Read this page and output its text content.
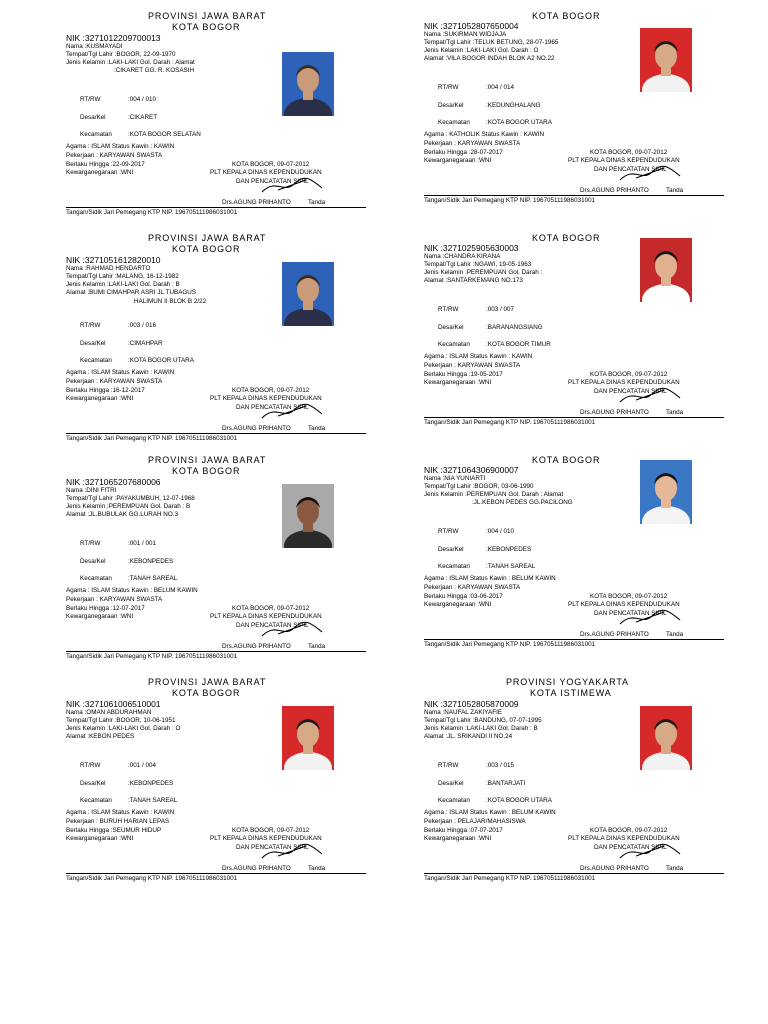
PROVINSI JAWA BARAT
KOTA BOGOR
NIK :3271012209700013
Nama :KUSMAYADI
Tempat/Tgl Lahir :BOGOR, 22-09-1970
Jenis Kelamin :LAKI-LAKI Gol. Darah : Alamat
:CIKARET GG. R. KOSASIH
RT/RW	:004 / 010
Desa/Kel	:CIKARET
Kecamatan	:KOTA BOGOR SELATAN
Agama : ISLAM Status Kawin : KAWIN
Pekerjaan : KARYAWAN SWASTA
Berlaku Hingga :22-09-2017	KOTA BOGOR, 09-07-2012
Kewarganegaraan :WNI	PLT KEPALA DINAS KEPENDUDUKAN
DAN PENCATATAN SIPIL
Drs.AGUNG PRIHANTO	Tanda
Tangan/Sidik Jari Pemegang KTP NIP. 196705111986031001
KOTA BOGOR
NIK :3271052807650004
Nama :SUKIRMAN WIDJAJA
Tempat/Tgl Lahir :TELUK BETUNG, 28-07-1965
Jenis Kelamin :LAKI-LAKI Gol. Darah : O
Alamat :VILA BOGOR INDAH BLOK A2 NO.22
RT/RW	:004 / 014
Desa/Kel	:KEDUNGHALANG
Kecamatan	:KOTA BOGOR UTARA
Agama : KATHOLIK Status Kawin : KAWIN
Pekerjaan : KARYAWAN SWASTA
Berlaku Hingga :28-07-2017	KOTA BOGOR, 09-07-2012
Kewarganegaraan :WNI	PLT KEPALA DINAS KEPENDUDUKAN
DAN PENCATATAN SIPIL
Drs.AGUNG PRIHANTO	Tanda
Tangan/Sidik Jari Pemegang KTP NIP. 196705111986031001
PROVINSI JAWA BARAT
KOTA BOGOR
NIK :3271051612820010
Nama :RAHMAD HENDARTO
Tempat/Tgl Lahir :MALANG, 16-12-1982
Jenis Kelamin :LAKI-LAKI Gol. Darah : B
Alamat :BUMI CIMAHPAR ASRI JL.TUBAGUS
HALIMUN II BLOK B 2/22
RT/RW	:003 / 016
Desa/Kel	:CIMAHPAR
Kecamatan	:KOTA BOGOR UTARA
Agama : ISLAM Status Kawin : KAWIN
Pekerjaan : KARYAWAN SWASTA
Berlaku Hingga :16-12-2017	KOTA BOGOR, 09-07-2012
Kewarganegaraan :WNI	PLT KEPALA DINAS KEPENDUDUKAN
DAN PENCATATAN SIPIL
Drs.AGUNG PRIHANTO	Tanda
Tangan/Sidik Jari Pemegang KTP NIP. 196705111986031001
KOTA BOGOR
NIK :3271025905630003
Nama :CHANDRA KIRANA
Tempat/Tgl Lahir :NGAWI, 19-05-1963
Jenis Kelamin :PEREMPUAN Gol. Darah :
Alamat :SANTARKEMANG NO.173
RT/RW	:003 / 007
Desa/Kel	:BARANANGSIANG
Kecamatan	:KOTA BOGOR TIMUR
Agama : ISLAM Status Kawin : KAWIN
Pekerjaan : KARYAWAN SWASTA
Berlaku Hingga :19-05-2017	KOTA BOGOR, 09-07-2012
Kewarganegaraan :WNI	PLT KEPALA DINAS KEPENDUDUKAN
DAN PENCATATAN SIPIL
Drs.AGUNG PRIHANTO	Tanda
Tangan/Sidik Jari Pemegang KTP NIP. 196705111986031001
PROVINSI JAWA BARAT
KOTA BOGOR
NIK :3271065207680006
Nama :DINI FITRI
Tempat/Tgl Lahir :PAYAKUMBUH, 12-07-1968
Jenis Kelamin :PEREMPUAN Gol. Darah : B
Alamat :JL.BUBULAK GG.LURAH NO.3
RT/RW	:001 / 001
Desa/Kel	:KEBONPEDES
Kecamatan	:TANAH SAREAL
Agama : ISLAM Status Kawin : BELUM KAWIN
Pekerjaan : KARYAWAN SWASTA
Berlaku Hingga :12-07-2017	KOTA BOGOR, 09-07-2012
Kewarganegaraan :WNI	PLT KEPALA DINAS KEPENDUDUKAN
DAN PENCATATAN SIPIL
Drs.AGUNG PRIHANTO	Tanda
Tangan/Sidik Jari Pemegang KTP NIP. 196705111986031001
KOTA BOGOR
NIK :3271064306900007
Nama :NIA YUNIARTI
Tempat/Tgl Lahir :BOGOR, 03-06-1990
Jenis Kelamin :PEREMPUAN Gol. Darah : Alamat
:JL.KEBON PEDES GG.PACILONG
RT/RW	:004 / 010
Desa/Kel	:KEBONPEDES
Kecamatan	:TANAH SAREAL
Agama : ISLAM Status Kawin : BELUM KAWIN
Pekerjaan : KARYAWAN SWASTA
Berlaku Hingga :03-06-2017	KOTA BOGOR, 09-07-2012
Kewarganegaraan :WNI	PLT KEPALA DINAS KEPENDUDUKAN
DAN PENCATATAN SIPIL
Drs.AGUNG PRIHANTO	Tanda
Tangan/Sidik Jari Pemegang KTP NIP. 196705111986031001
PROVINSI JAWA BARAT
KOTA BOGOR
NIK :3271061006510001
Nama :OMAN ABDURAHMAN
Tempat/Tgl Lahir :BOGOR, 10-06-1951
Jenis Kelamin :LAKI-LAKI Gol. Darah : O
Alamat :KEBON PEDES
RT/RW	:001 / 004
Desa/Kel	:KEBONPEDES
Kecamatan	:TANAH SAREAL
Agama : ISLAM Status Kawin : KAWIN
Pekerjaan : BURUH HARIAN LEPAS
Berlaku Hingga :SEUMUR HIDUP	KOTA BOGOR, 09-07-2012
Kewarganegaraan :WNI	PLT KEPALA DINAS KEPENDUDUKAN
DAN PENCATATAN SIPIL
Drs.AGUNG PRIHANTO	Tanda
Tangan/Sidik Jari Pemegang KTP NIP. 196705111986031001
PROVINSI YOGYAKARTA
KOTA ISTIMEWA
NIK :3271052805870009
Nama :NAUFAL ZAKIYAFIE
Tempat/Tgl Lahir :BANDUNG, 07-07-1995
Jenis Kelamin :LAKI-LAKI Gol. Darah : B
Alamat :JL. SRIKANDI II NO.24
RT/RW	:003 / 015
Desa/Kel	:BANTARJATI
Kecamatan	:KOTA BOGOR UTARA
Agama : ISLAM Status Kawin : BELUM KAWIN
Pekerjaan : PELAJAR/MAHASISWA
Berlaku Hingga :07-07-2017	KOTA BOGOR, 09-07-2012
Kewarganegaraan :WNI	PLT KEPALA DINAS KEPENDUDUKAN
DAN PENCATATAN SIPIL
Drs.AGUNG PRIHANTO	Tanda
Tangan/Sidik Jari Pemegang KTP NIP. 196705111986031001
